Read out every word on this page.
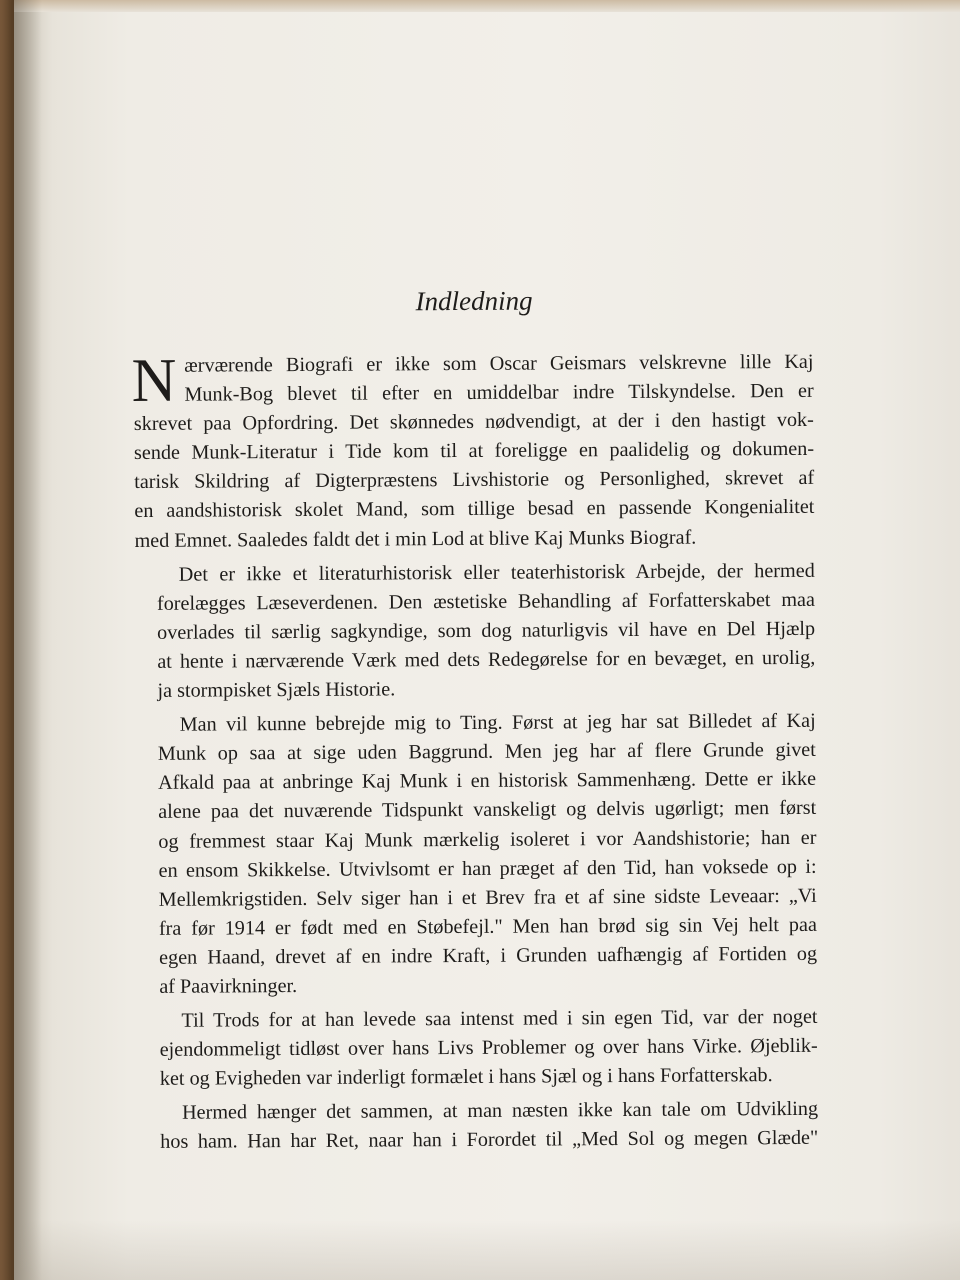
Indledning

N ærværende Biografi er ikke som Oscar Geismars velskrevne lille Kaj
Munk-Bog blevet til efter en umiddelbar indre Tilskyndelse. Den er
skrevet paa Opfordring. Det skønnedes nødvendigt, at der i den hastigt vok-
sende Munk-Literatur i Tide kom til at foreligge en paalidelig og dokumen-
tarisk Skildring af Digterpræstens Livshistorie og Personlighed, skrevet af
en aandshistorisk skolet Mand, som tillige besad en passende Kongenialitet
med Emnet. Saaledes faldt det i min Lod at blive Kaj Munks Biograf.

Det er ikke et literaturhistorisk eller teaterhistorisk Arbejde, der hermed
forelægges Læseverdenen. Den æstetiske Behandling af Forfatterskabet maa
overlades til særlig sagkyndige, som dog naturligvis vil have en Del Hjælp
at hente i nærværende Værk med dets Redegørelse for en bevæget, en urolig,
ja stormpisket Sjæls Historie.

Man vil kunne bebrejde mig to Ting. Først at jeg har sat Billedet af Kaj
Munk op saa at sige uden Baggrund. Men jeg har af flere Grunde givet
Afkald paa at anbringe Kaj Munk i en historisk Sammenhæng. Dette er ikke
alene paa det nuværende Tidspunkt vanskeligt og delvis ugørligt; men først
og fremmest staar Kaj Munk mærkelig isoleret i vor Aandshistorie; han er
en ensom Skikkelse. Utvivlsomt er han præget af den Tid, han voksede op i:
Mellemkrigstiden. Selv siger han i et Brev fra et af sine sidste Leveaar: „Vi
fra før 1914 er født med en Støbefejl." Men han brød sig sin Vej helt paa
egen Haand, drevet af en indre Kraft, i Grunden uafhængig af Fortiden og
af Paavirkninger.

Til Trods for at han levede saa intenst med i sin egen Tid, var der noget
ejendommeligt tidløst over hans Livs Problemer og over hans Virke. Øjeblik-
ket og Evigheden var inderligt formælet i hans Sjæl og i hans Forfatterskab.

Hermed hænger det sammen, at man næsten ikke kan tale om Udvikling
hos ham. Han har Ret, naar han i Forordet til „Med Sol og megen Glæde"
